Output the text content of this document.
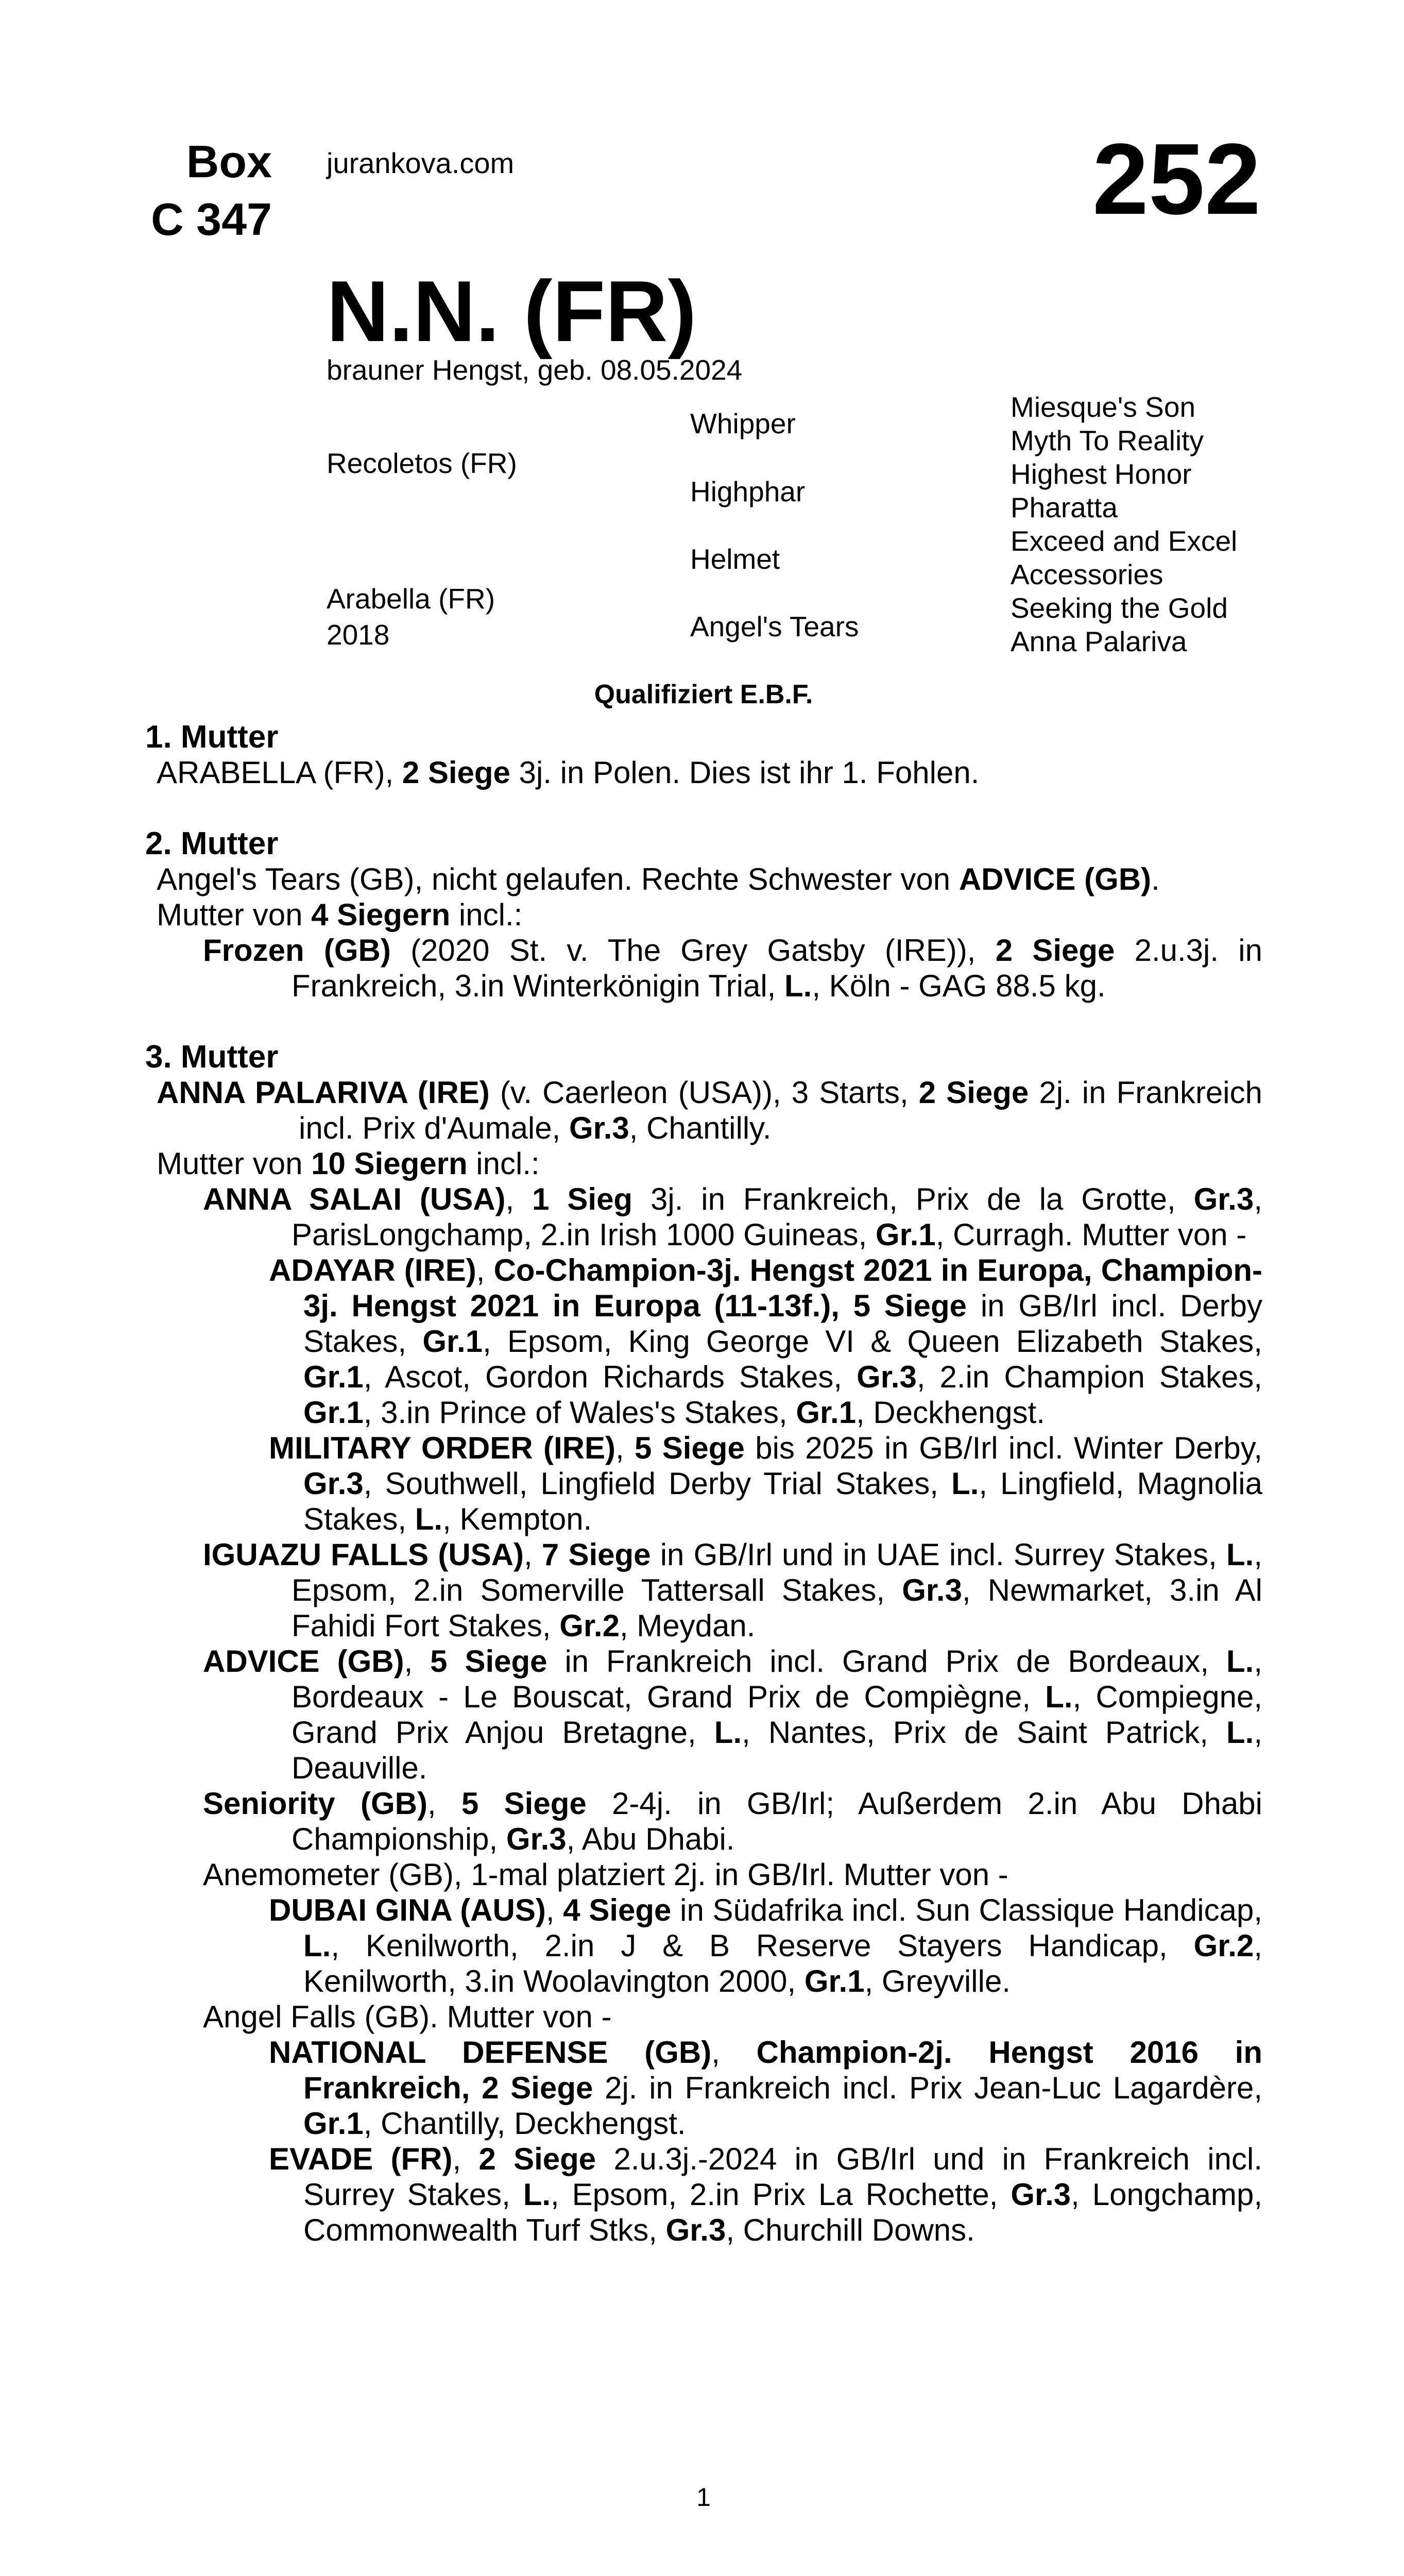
Box
C 347
jurankova.com	252
N.N. (FR)
brauner Hengst, geb. 08.05.2024
Recoletos (FR)
Arabella (FR)
2018
Whipper
Highphar
Helmet
Angel's Tears
Miesque's Son
Myth To Reality
Highest Honor
Pharatta
Exceed and Excel
Accessories
Seeking the Gold
Anna Palariva
Qualifiziert E.B.F.
1. Mutter
ARABELLA (FR), 2 Siege 3j. in Polen. Dies ist ihr 1. Fohlen.
2. Mutter
Angel's Tears (GB), nicht gelaufen. Rechte Schwester von ADVICE (GB).
Mutter von 4 Siegern incl.:
Frozen (GB) (2020 St. v. The Grey Gatsby (IRE)), 2 Siege 2.u.3j. in Frankreich, 3.in Winterkönigin Trial, L., Köln - GAG 88.5 kg.
3. Mutter
ANNA PALARIVA (IRE) (v. Caerleon (USA)), 3 Starts, 2 Siege 2j. in Frankreich incl. Prix d'Aumale, Gr.3, Chantilly.
Mutter von 10 Siegern incl.:
ANNA SALAI (USA), 1 Sieg 3j. in Frankreich, Prix de la Grotte, Gr.3, ParisLongchamp, 2.in Irish 1000 Guineas, Gr.1, Curragh. Mutter von -
ADAYAR (IRE), Co-Champion-3j. Hengst 2021 in Europa, Champion-3j. Hengst 2021 in Europa (11-13f.), 5 Siege in GB/Irl incl. Derby Stakes, Gr.1, Epsom, King George VI & Queen Elizabeth Stakes, Gr.1, Ascot, Gordon Richards Stakes, Gr.3, 2.in Champion Stakes, Gr.1, 3.in Prince of Wales's Stakes, Gr.1, Deckhengst.
MILITARY ORDER (IRE), 5 Siege bis 2025 in GB/Irl incl. Winter Derby, Gr.3, Southwell, Lingfield Derby Trial Stakes, L., Lingfield, Magnolia Stakes, L., Kempton.
IGUAZU FALLS (USA), 7 Siege in GB/Irl und in UAE incl. Surrey Stakes, L., Epsom, 2.in Somerville Tattersall Stakes, Gr.3, Newmarket, 3.in Al Fahidi Fort Stakes, Gr.2, Meydan.
ADVICE (GB), 5 Siege in Frankreich incl. Grand Prix de Bordeaux, L., Bordeaux - Le Bouscat, Grand Prix de Compiègne, L., Compiegne, Grand Prix Anjou Bretagne, L., Nantes, Prix de Saint Patrick, L., Deauville.
Seniority (GB), 5 Siege 2-4j. in GB/Irl; Außerdem 2.in Abu Dhabi Championship, Gr.3, Abu Dhabi.
Anemometer (GB), 1-mal platziert 2j. in GB/Irl. Mutter von -
DUBAI GINA (AUS), 4 Siege in Südafrika incl. Sun Classique Handicap, L., Kenilworth, 2.in J & B Reserve Stayers Handicap, Gr.2, Kenilworth, 3.in Woolavington 2000, Gr.1, Greyville.
Angel Falls (GB). Mutter von -
NATIONAL DEFENSE (GB), Champion-2j. Hengst 2016 in Frankreich, 2 Siege 2j. in Frankreich incl. Prix Jean-Luc Lagardère, Gr.1, Chantilly, Deckhengst.
EVADE (FR), 2 Siege 2.u.3j.-2024 in GB/Irl und in Frankreich incl. Surrey Stakes, L., Epsom, 2.in Prix La Rochette, Gr.3, Longchamp, Commonwealth Turf Stks, Gr.3, Churchill Downs.
1
